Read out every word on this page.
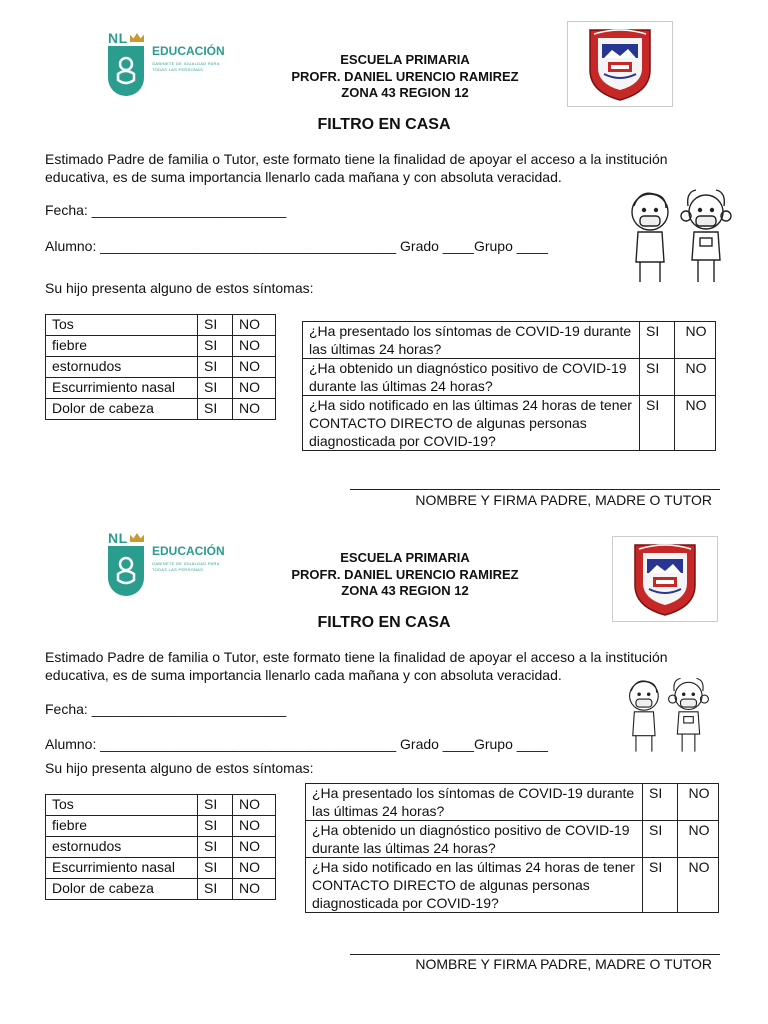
NL
EDUCACIÓN
GABINETE DE IGUALDAD PARA TODAS LAS PERSONAS
ESCUELA PRIMARIA
PROFR. DANIEL URENCIO RAMIREZ
ZONA 43 REGION 12
FILTRO EN CASA
Estimado Padre de familia o Tutor, este formato tiene la finalidad de apoyar el acceso a la institución educativa, es de suma importancia llenarlo cada mañana y con absoluta veracidad.
Fecha: _________________________
Alumno: ______________________________________ Grado ____Grupo ____
Su hijo presenta alguno de estos síntomas:
Tos	SI	NO
fiebre	SI	NO
estornudos	SI	NO
Escurrimiento nasal	SI	NO
Dolor de cabeza	SI	NO
¿Ha presentado los síntomas de COVID-19 durante las últimas 24 horas?	SI	NO
¿Ha obtenido un diagnóstico positivo de COVID-19 durante las últimas 24 horas?	SI	NO
¿Ha sido notificado en las últimas 24 horas de tener CONTACTO DIRECTO de algunas personas diagnosticada por COVID-19?	SI	NO
NOMBRE Y FIRMA PADRE, MADRE O TUTOR
NL
EDUCACIÓN
GABINETE DE IGUALDAD PARA TODAS LAS PERSONAS
ESCUELA PRIMARIA
PROFR. DANIEL URENCIO RAMIREZ
ZONA 43 REGION 12
FILTRO EN CASA
Estimado Padre de familia o Tutor, este formato tiene la finalidad de apoyar el acceso a la institución educativa, es de suma importancia llenarlo cada mañana y con absoluta veracidad.
Fecha: _________________________
Alumno: ______________________________________ Grado ____Grupo ____
Su hijo presenta alguno de estos síntomas:
Tos	SI	NO
fiebre	SI	NO
estornudos	SI	NO
Escurrimiento nasal	SI	NO
Dolor de cabeza	SI	NO
¿Ha presentado los síntomas de COVID-19 durante las últimas 24 horas?	SI	NO
¿Ha obtenido un diagnóstico positivo de COVID-19 durante las últimas 24 horas?	SI	NO
¿Ha sido notificado en las últimas 24 horas de tener CONTACTO DIRECTO de algunas personas diagnosticada por COVID-19?	SI	NO
NOMBRE Y FIRMA PADRE, MADRE O TUTOR
